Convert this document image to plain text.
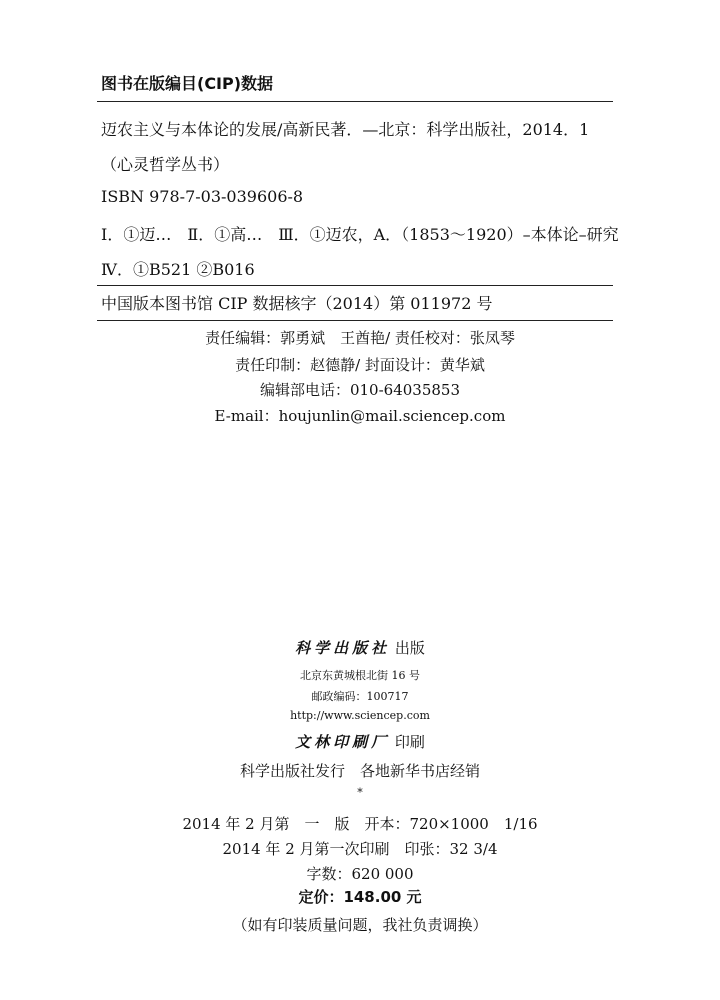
图书在版编目(CIP)数据
迈农主义与本体论的发展/高新民著．—北京：科学出版社，2014．1
（心灵哲学丛书）
ISBN 978-7-03-039606-8
Ⅰ．①迈…　Ⅱ．①高…　Ⅲ．①迈农，A．（1853～1920）–本体论–研究
Ⅳ．①B521 ②B016
中国版本图书馆 CIP 数据核字（2014）第 011972 号
责任编辑：郭勇斌　王酋艳/ 责任校对：张凤琴
责任印制：赵德静/ 封面设计：黄华斌
编辑部电话：010-64035853
E-mail：houjunlin@mail.sciencep.com
科学出版社 出版
北京东黄城根北街 16 号
邮政编码：100717
http://www.sciencep.com
文林印刷厂 印刷
科学出版社发行　各地新华书店经销
*
2014 年 2 月第　一　版　开本：720×1000　1/16
2014 年 2 月第一次印刷　印张：32 3/4
字数：620 000
定价：148.00 元
（如有印装质量问题，我社负责调换）
